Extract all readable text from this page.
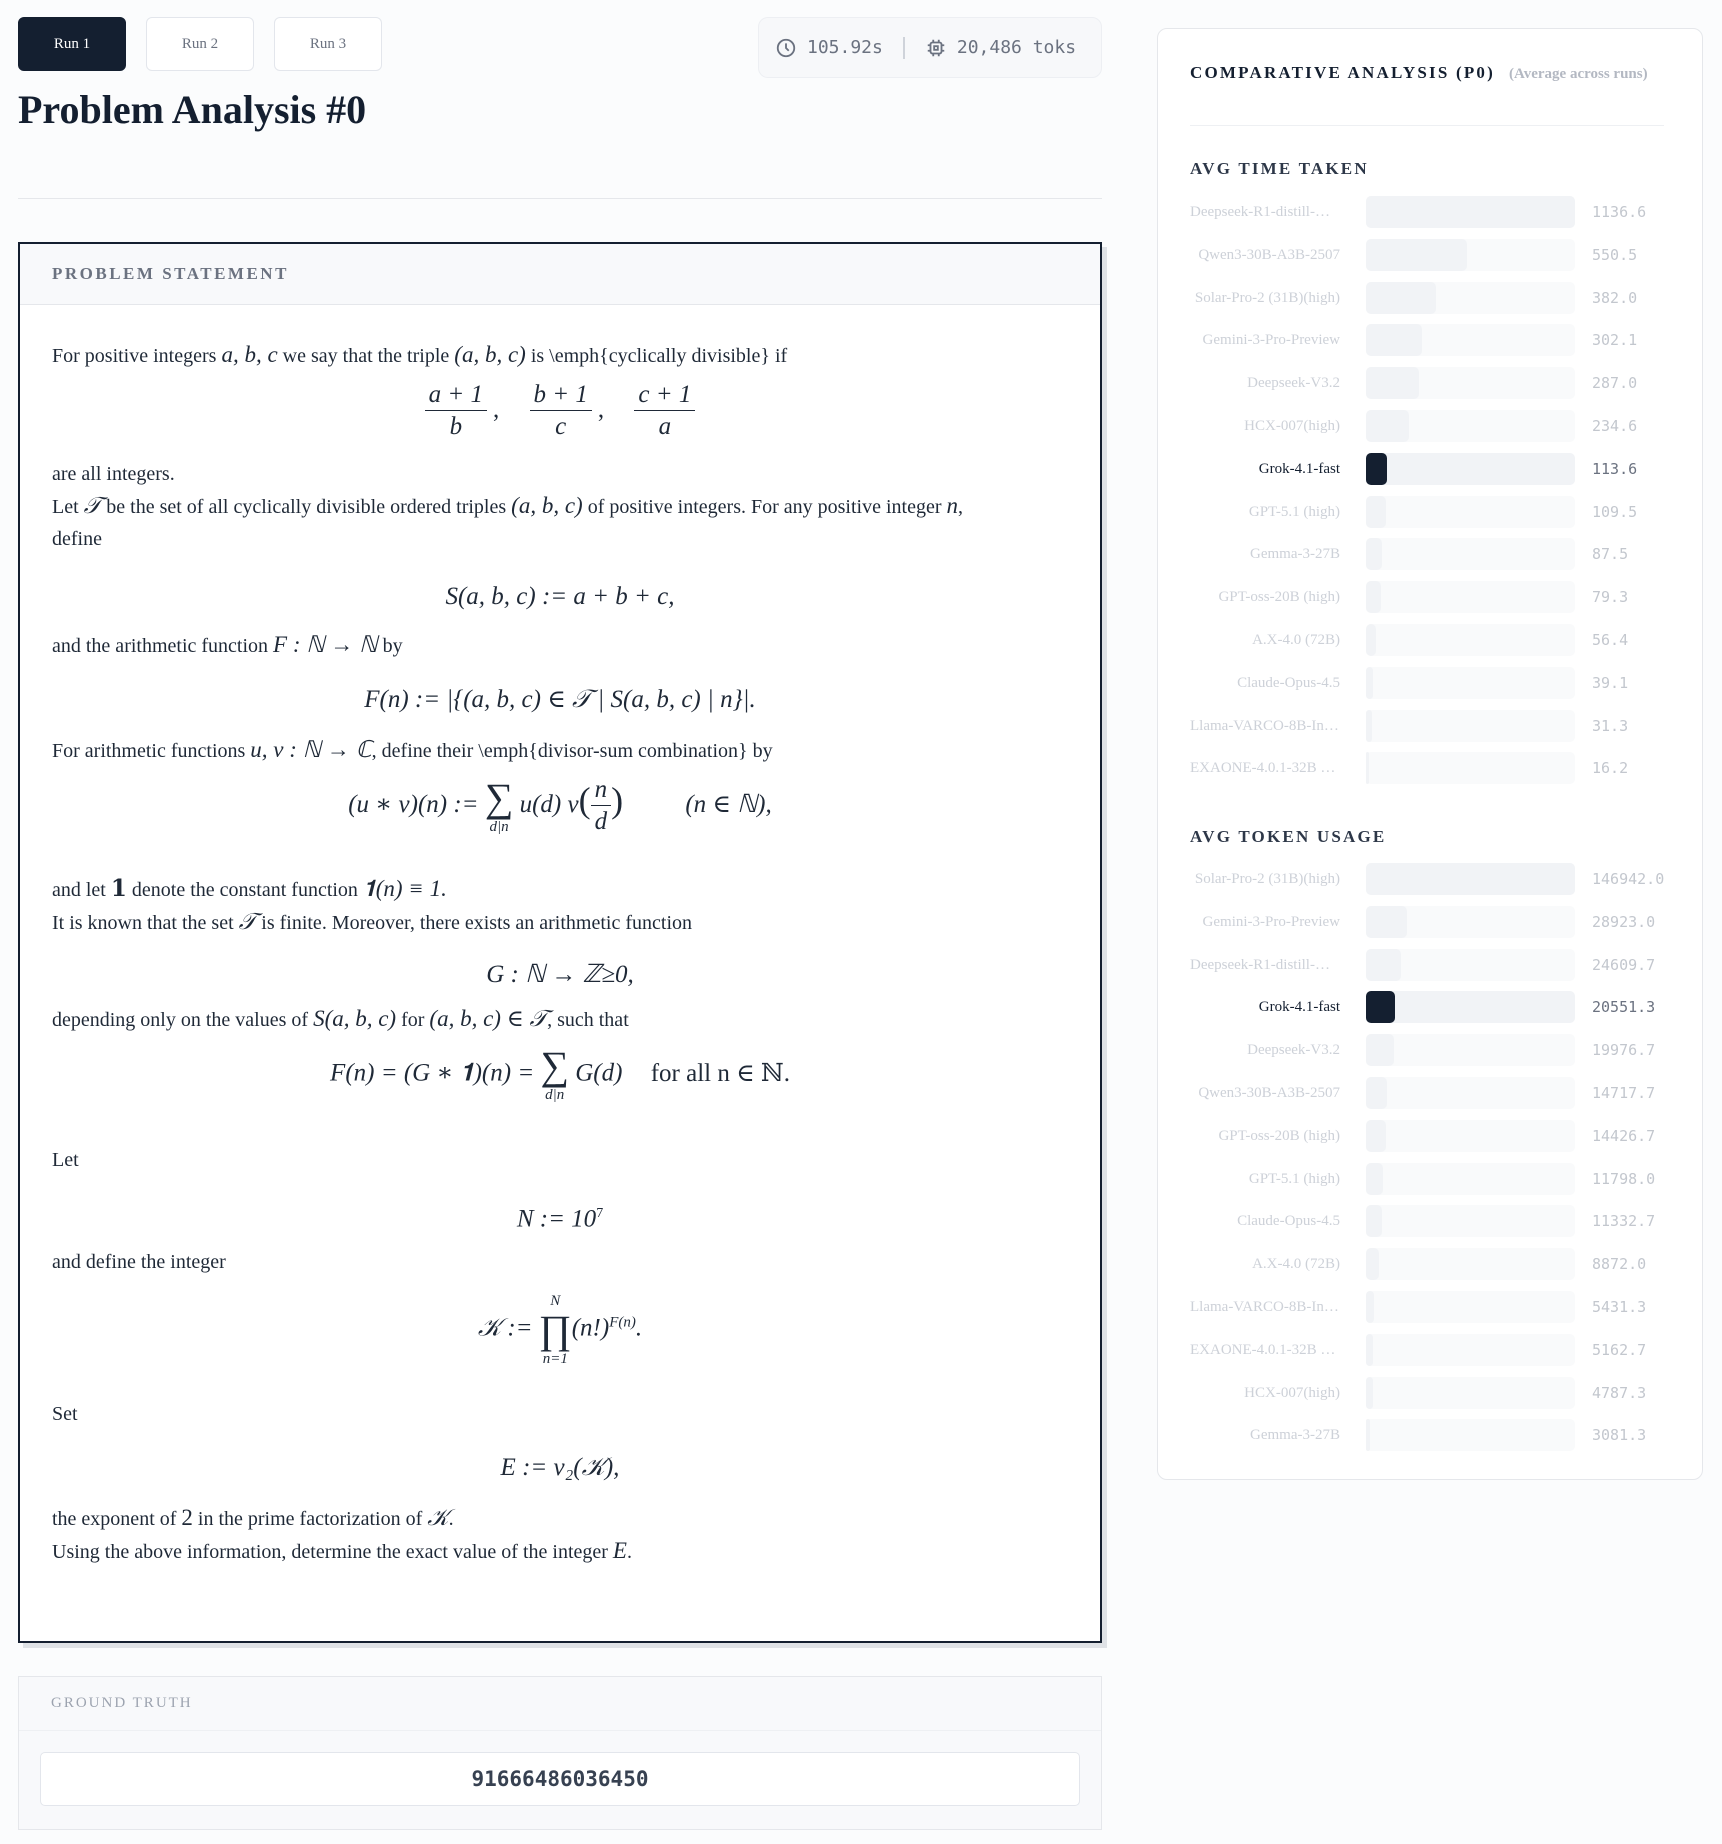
Run 1	Run 2	Run 3
Problem Analysis #0
105.92s	20,486 toks
PROBLEM STATEMENT

For positive integers a, b, c we say that the triple (a, b, c) is \emph{cyclically divisible} if

$\frac{a + 1}{b}$ , $\frac{b + 1}{c}$ , $\frac{c + 1}{a}$

are all integers.

Let 𝒯 be the set of all cyclically divisible ordered triples (a, b, c) of positive integers. For any positive integer n,
define

S(a, b, c) := a + b + c,

and the arithmetic function F : ℕ → ℕ by

F(n) := |{(a, b, c) ∈ 𝒯 | S(a, b, c) | n}|.

For arithmetic functions u, v : ℕ → ℂ, define their \emph{divisor-sum combination} by

(u ∗ v)(n) := ∑
d|n
u(d) $v( \frac{n}{d}$ ) (n ∈ ℕ),

and let 𝟏 denote the constant function 𝟏(n) ≡ 1.

It is known that the set 𝒯 is finite. Moreover, there exists an arithmetic function

G : ℕ → ℤ≥0,

depending only on the values of S(a, b, c) for (a, b, c) ∈ 𝒯, such that

F(n) = (G ∗ 𝟏)(n) = ∑
d|n
G(d) for all n ∈ ℕ.

Let

N := $10^7$

and define the integer

𝒦 :=
N
∏
n=1
$(n!)^{F(n)}$.

Set

E := v₂(𝒦),

the exponent of 2 in the prime factorization of 𝒦.

Using the above information, determine the exact value of the integer E.

GROUND TRUTH
91666486036450
COMPARATIVE ANALYSIS (P0) (Average across runs)
AVG TIME TAKEN
Deepseek-R1-distill-…	1136.6
Qwen3-30B-A3B-2507	550.5
Solar-Pro-2 (31B)(high)	382.0
Gemini-3-Pro-Preview	302.1
Deepseek-V3.2	287.0
HCX-007(high)	234.6
Grok-4.1-fast	113.6
GPT-5.1 (high)	109.5
Gemma-3-27B	87.5
GPT-oss-20B (high)	79.3
A.X-4.0 (72B)	56.4
Claude-Opus-4.5	39.1
Llama-VARCO-8B-In…	31.3
EXAONE-4.0.1-32B …	16.2
AVG TOKEN USAGE
Solar-Pro-2 (31B)(high)	146942.0
Gemini-3-Pro-Preview	28923.0
Deepseek-R1-distill-…	24609.7
Grok-4.1-fast	20551.3
Deepseek-V3.2	19976.7
Qwen3-30B-A3B-2507	14717.7
GPT-oss-20B (high)	14426.7
GPT-5.1 (high)	11798.0
Claude-Opus-4.5	11332.7
A.X-4.0 (72B)	8872.0
Llama-VARCO-8B-In…	5431.3
EXAONE-4.0.1-32B …	5162.7
HCX-007(high)	4787.3
Gemma-3-27B	3081.3
